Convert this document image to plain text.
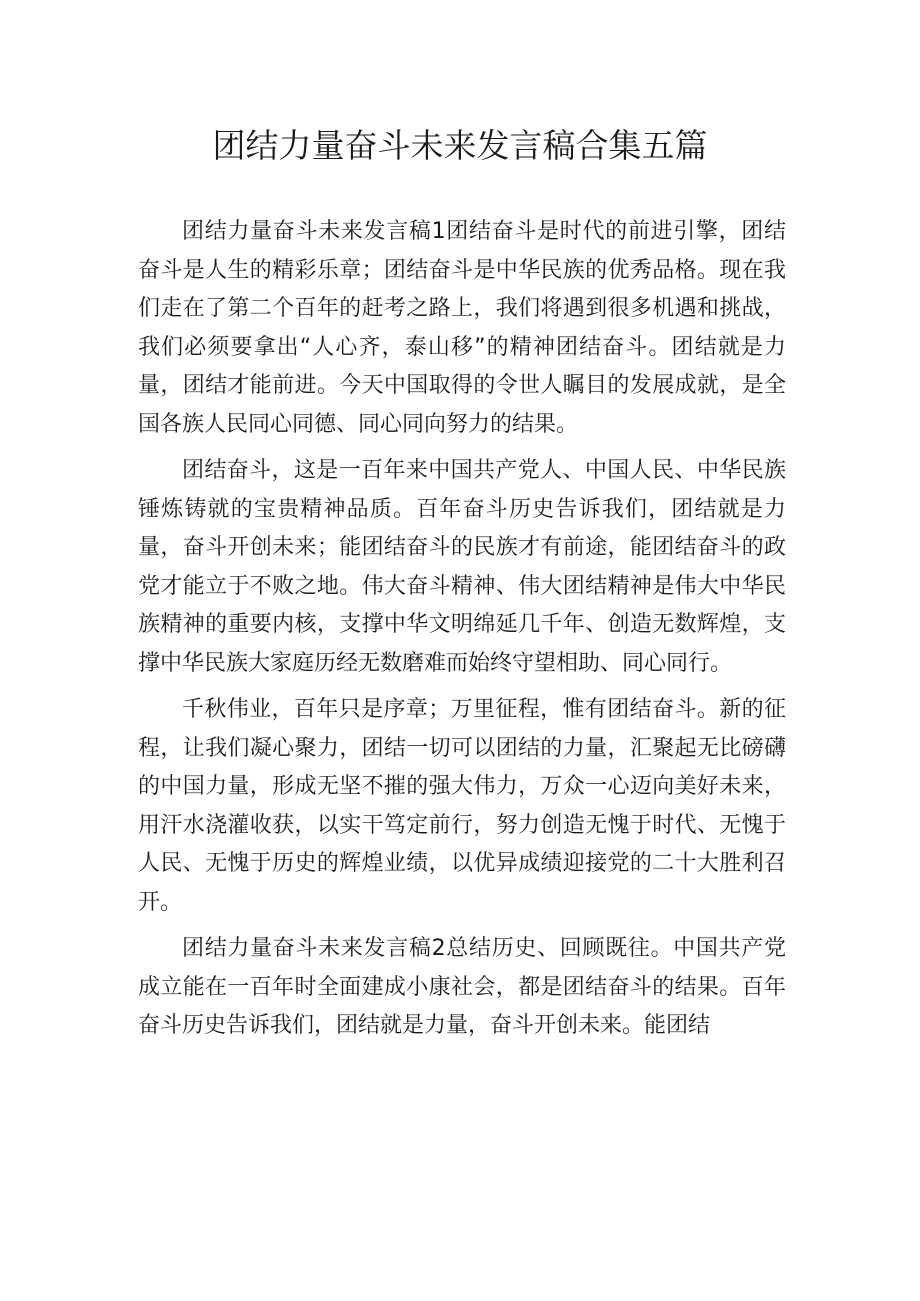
团结力量奋斗未来发言稿合集五篇

团结力量奋斗未来发言稿1团结奋斗是时代的前进引擎，团结奋斗是人生的精彩乐章；团结奋斗是中华民族的优秀品格。现在我们走在了第二个百年的赶考之路上，我们将遇到很多机遇和挑战，我们必须要拿出“人心齐，泰山移”的精神团结奋斗。团结就是力量，团结才能前进。今天中国取得的令世人瞩目的发展成就，是全国各族人民同心同德、同心同向努力的结果。

团结奋斗，这是一百年来中国共产党人、中国人民、中华民族锤炼铸就的宝贵精神品质。百年奋斗历史告诉我们，团结就是力量，奋斗开创未来；能团结奋斗的民族才有前途，能团结奋斗的政党才能立于不败之地。伟大奋斗精神、伟大团结精神是伟大中华民族精神的重要内核，支撑中华文明绵延几千年、创造无数辉煌，支撑中华民族大家庭历经无数磨难而始终守望相助、同心同行。

千秋伟业，百年只是序章；万里征程，惟有团结奋斗。新的征程，让我们凝心聚力，团结一切可以团结的力量，汇聚起无比磅礴的中国力量，形成无坚不摧的强大伟力，万众一心迈向美好未来，用汗水浇灌收获，以实干笃定前行，努力创造无愧于时代、无愧于人民、无愧于历史的辉煌业绩，以优异成绩迎接党的二十大胜利召开。

团结力量奋斗未来发言稿2总结历史、回顾既往。中国共产党成立能在一百年时全面建成小康社会，都是团结奋斗的结果。百年奋斗历史告诉我们，团结就是力量，奋斗开创未来。能团结
